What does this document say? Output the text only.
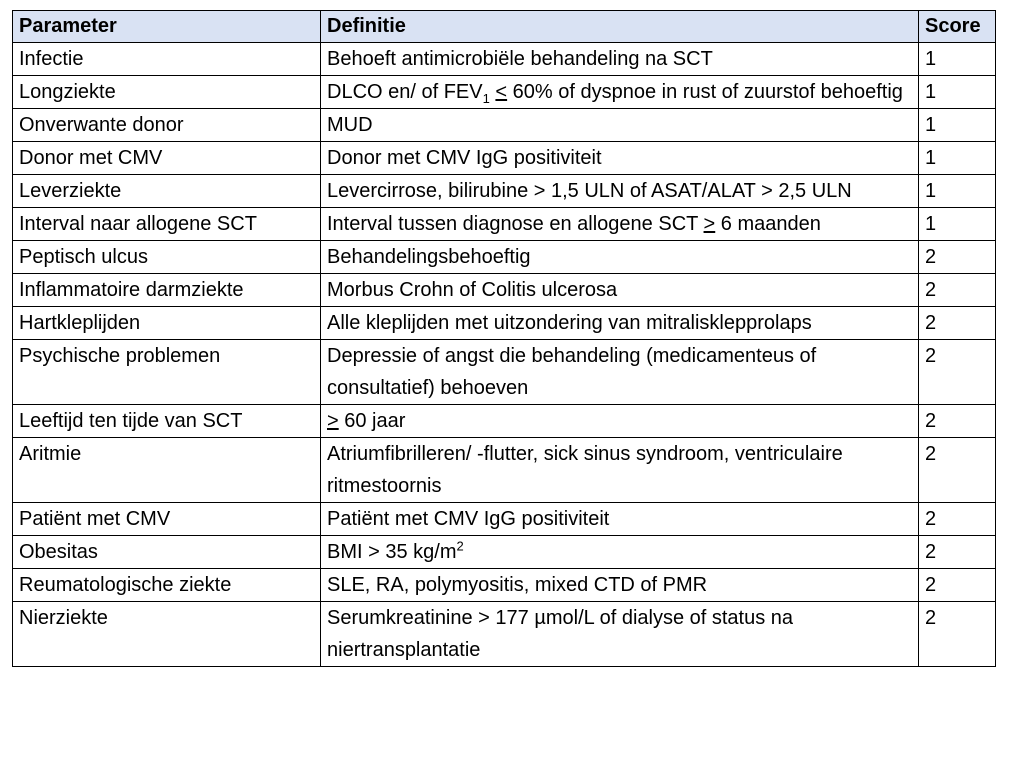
Parameter	Definitie	Score
Infectie	Behoeft antimicrobiële behandeling na SCT	1
Longziekte	DLCO en/ of $FEV_1 < 60\%$ of dyspnoe in rust of zuurstof behoeftig	1
Onverwante donor	MUD	1
Donor met CMV	Donor met CMV IgG positiviteit	1
Leverziekte	Levercirrose, bilirubine > 1,5 ULN of ASAT/ALAT > 2,5 ULN	1
Interval naar allogene SCT	Interval tussen diagnose en allogene SCT > 6 maanden	1
Peptisch ulcus	Behandelingsbehoeftig	2
Inflammatoire darmziekte	Morbus Crohn of Colitis ulcerosa	2
Hartkleplijden	Alle kleplijden met uitzondering van mitralisklepprolaps	2
Psychische problemen	Depressie of angst die behandeling (medicamenteus of consultatief) behoeven	2
Leeftijd ten tijde van SCT	> 60 jaar	2
Aritmie	Atriumfibrilleren/ -flutter, sick sinus syndroom, ventriculaire ritmestoornis	2
Patiënt met CMV	Patiënt met CMV IgG positiviteit	2
Obesitas	BMI > 35 $kg/m^2$	2
Reumatologische ziekte	SLE, RA, polymyositis, mixed CTD of PMR	2
Nierziekte	Serumkreatinine > 177 µmol/L of dialyse of status na niertransplantatie	2
